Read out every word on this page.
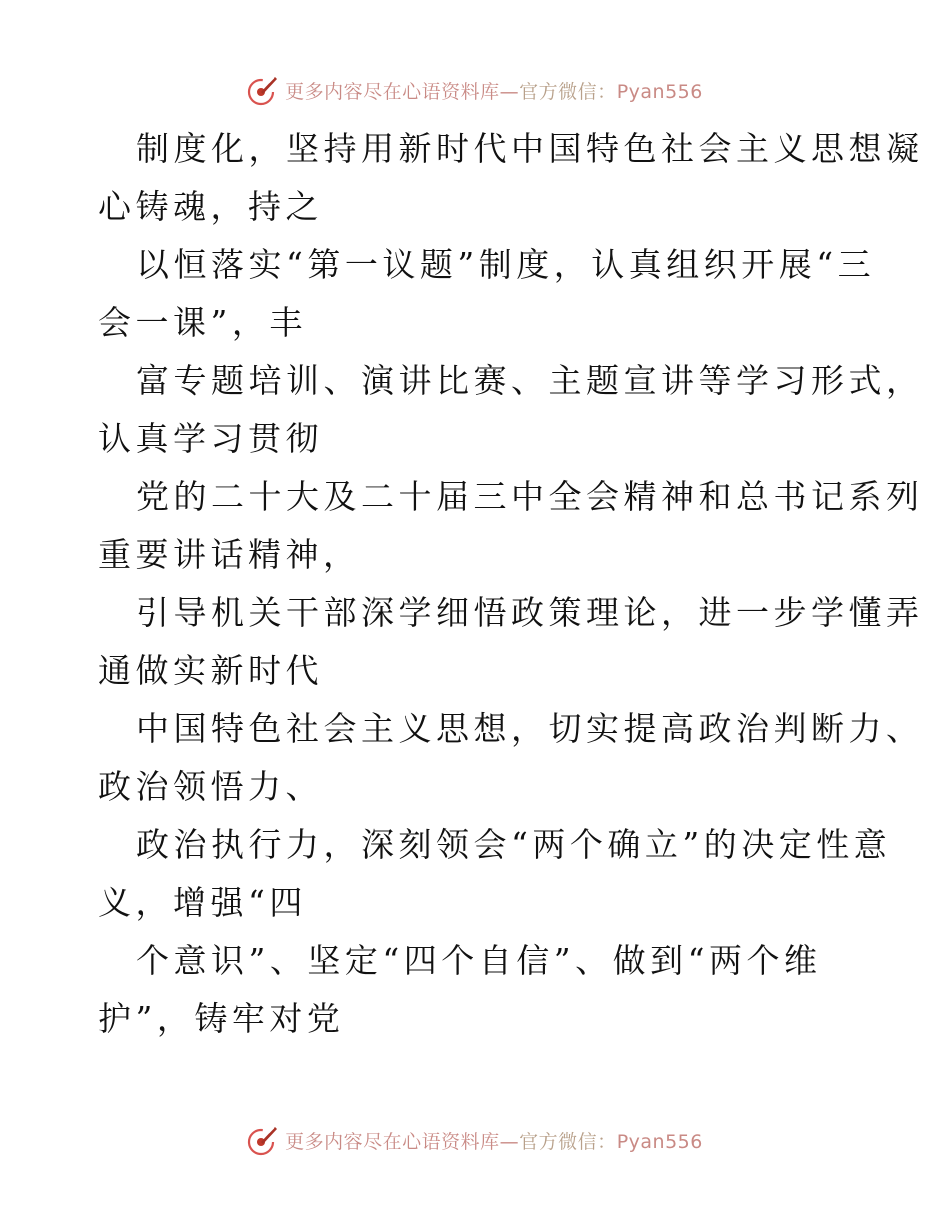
更多内容尽在心语资料库—官方微信：Pyan556

制度化，坚持用新时代中国特色社会主义思想凝
心铸魂，持之

以恒落实“第一议题”制度，认真组织开展“三
会一课”，丰

富专题培训、演讲比赛、主题宣讲等学习形式，
认真学习贯彻

党的二十大及二十届三中全会精神和总书记系列
重要讲话精神，

引导机关干部深学细悟政策理论，进一步学懂弄
通做实新时代

中国特色社会主义思想，切实提高政治判断力、
政治领悟力、

政治执行力，深刻领会“两个确立”的决定性意
义，增强“四

个意识”、坚定“四个自信”、做到“两个维
护”，铸牢对党

更多内容尽在心语资料库—官方微信：Pyan556
